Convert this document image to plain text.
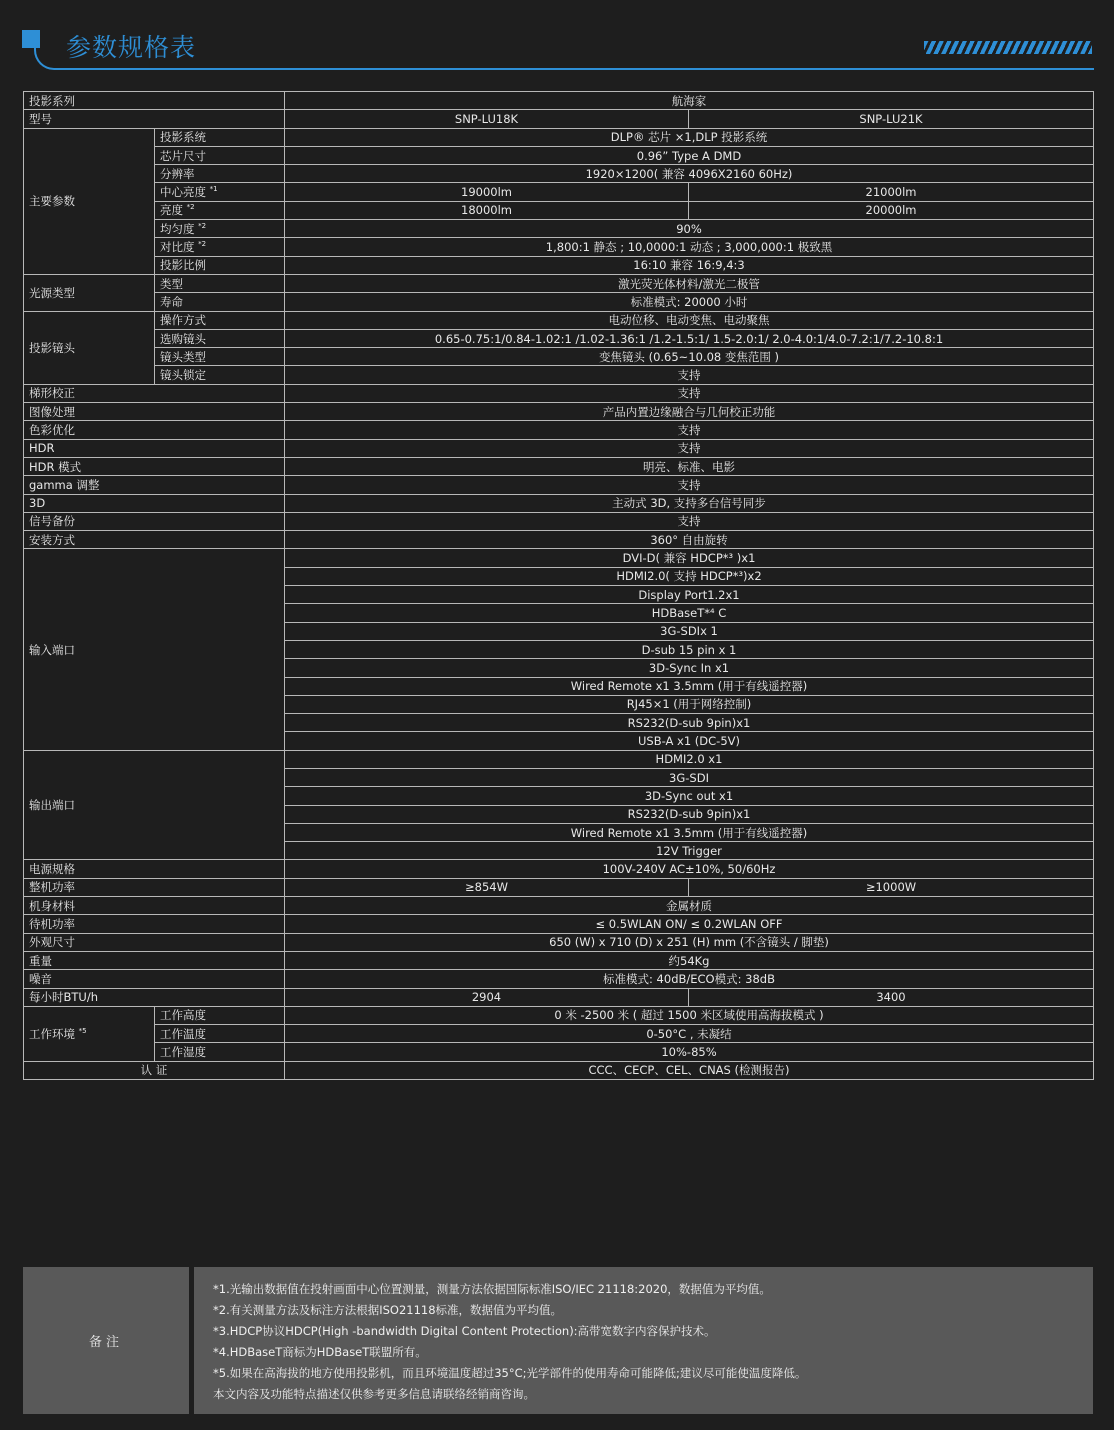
参数规格表
投影系列		航海家	
型号		SNP-LU18K	SNP-LU21K
主要参数	投影系统	DLP® 芯片 ×1,DLP 投影系统	
	芯片尺寸	0.96” Type A DMD	
	分辨率	1920×1200( 兼容 4096X2160 60Hz)	
	中心亮度 $^{*1}$	19000lm	21000lm
	亮度 $^{*2}$	18000lm	20000lm
	均匀度 $^{*2}$	90%	
	对比度 $^{*2}$	1,800:1 静态 ; 10,0000:1 动态 ; 3,000,000:1 极致黑	
	投影比例	16:10 兼容 16:9,4:3	
光源类型	类型	激光荧光体材料/激光二极管	
	寿命	标准模式: 20000 小时	
投影镜头	操作方式	电动位移、电动变焦、电动聚焦	
	选购镜头	0.65-0.75:1/0.84-1.02:1 /1.02-1.36:1 /1.2-1.5:1/ 1.5-2.0:1/ 2.0-4.0:1/4.0-7.2:1/7.2-10.8:1	
	镜头类型	变焦镜头 (0.65~10.08 变焦范围 )	
	镜头锁定	支持	
梯形校正		支持	
图像处理		产品内置边缘融合与几何校正功能	
色彩优化		支持	
HDR		支持	
HDR 模式		明亮、标准、电影	
gamma 调整		支持	
3D		主动式 3D, 支持多台信号同步	
信号备份		支持	
安装方式		360° 自由旋转	
输入端口		DVI-D( 兼容 HDCP*³ )x1	
		HDMI2.0( 支持 HDCP*³)x2	
		Display Port1.2x1	
		HDBaseT*⁴ C	
		3G-SDIx 1	
		D-sub 15 pin x 1	
		3D-Sync In x1	
		Wired Remote x1 3.5mm (用于有线遥控器)	
		RJ45×1 (用于网络控制)	
		RS232(D-sub 9pin)x1	
		USB-A x1 (DC-5V)	
输出端口		HDMI2.0 x1	
		3G-SDI	
		3D-Sync out x1	
		RS232(D-sub 9pin)x1	
		Wired Remote x1 3.5mm (用于有线遥控器)	
		12V Trigger	
电源规格		100V-240V AC±10%, 50/60Hz	
整机功率		≥854W	≥1000W
机身材料		金属材质	
待机功率		≤ 0.5WLAN ON/ ≤ 0.2WLAN OFF	
外观尺寸		650 (W) x 710 (D) x 251 (H) mm (不含镜头 / 脚垫)	
重量		约54Kg	
噪音		标准模式: 40dB/ECO模式: 38dB	
每小时BTU/h		2904	3400
工作环境 $^{*5}$	工作高度	0 米 -2500 米 ( 超过 1500 米区域使用高海拔模式 )	
	工作温度	0-50°C , 未凝结	
	工作湿度	10%-85%	
认 证		CCC、CECP、CEL、CNAS (检测报告)	
备注
*1.光输出数据值在投射画面中心位置测量，测量方法依据国际标准ISO/IEC 21118:2020，数据值为平均值。
*2.有关测量方法及标注方法根据ISO21118标准，数据值为平均值。
*3.HDCP协议HDCP(High -bandwidth Digital Content Protection):高带宽数字内容保护技术。
*4.HDBaseT商标为HDBaseT联盟所有。
*5.如果在高海拔的地方使用投影机，而且环境温度超过35°C;光学部件的使用寿命可能降低;建议尽可能使温度降低。
本文内容及功能特点描述仅供参考更多信息请联络经销商咨询。
